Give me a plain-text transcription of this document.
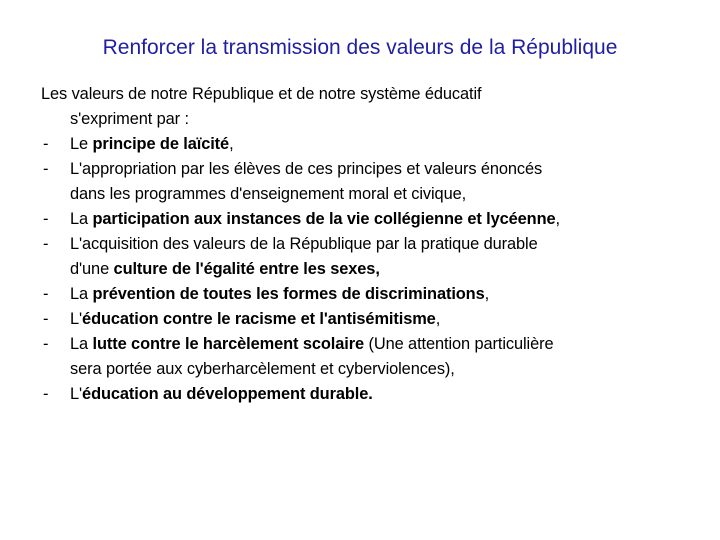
Renforcer la transmission des valeurs de la République
Les valeurs de notre République et de notre système éducatif
s'expriment par :
- Le principe de laïcité,
- L'appropriation par les élèves de ces principes et valeurs énoncés
dans les programmes d'enseignement moral et civique,
- La participation aux instances de la vie collégienne et lycéenne,
- L'acquisition des valeurs de la République par la pratique durable
d'une culture de l'égalité entre les sexes,
- La prévention de toutes les formes de discriminations,
- L'éducation contre le racisme et l'antisémitisme,
- La lutte contre le harcèlement scolaire (Une attention particulière
sera portée aux cyberharcèlement et cyberviolences),
- L'éducation au développement durable.
